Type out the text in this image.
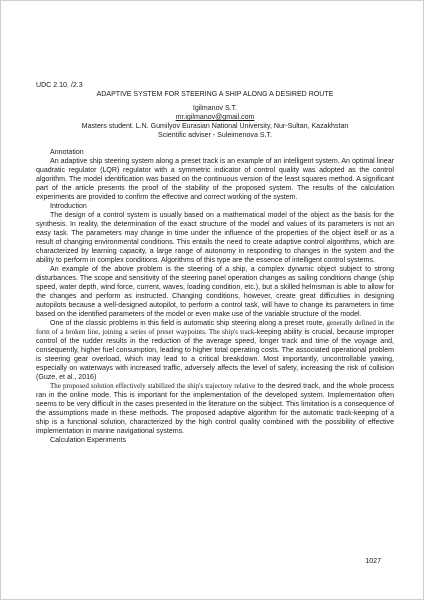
UDC 2.10. /2.3
ADAPTIVE SYSTEM FOR STEERING A SHIP ALONG A DESIRED ROUTE
Igilmanov S.T.
mr.igilmanov@gmail.com
Masters student. L.N. Gumilyov Eurasian National University, Nur-Sultan, Kazakhstan
Scientific adviser - Suleimenova S.T.
Annotation

An adaptive ship steering system along a preset track is an example of an intelligent system. An optimal linear quadratic regulator (LQR) regulator with a symmetric indicator of control quality was adopted as the control algorithm. The model identification was based on the continuous version of the least squares method. A significant part of the article presents the proof of the stability of the proposed system. The results of the calculation experiments are provided to confirm the effective and correct working of the system.

Introduction

The design of a control system is usually based on a mathematical model of the object as the basis for the synthesis. In reality, the determination of the exact structure of the model and values of its parameters is not an easy task. The parameters may change in time under the influence of the properties of the object itself or as a result of changing environmental conditions. This entails the need to create adaptive control algorithms, which are characterized by learning capacity, a large range of autonomy in responding to changes in the system and the ability to perform in complex conditions. Algorithms of this type are the essence of intelligent control systems.

An example of the above problem is the steering of a ship, a complex dynamic object subject to strong disturbances. The scope and sensitivity of the steering panel operation changes as sailing conditions change (ship speed, water depth, wind force, current, waves, loading condition, etc.), but a skilled helmsman is able to allow for the changes and perform as instructed. Changing conditions, however, create great difficulties in designing autopilots because a well-designed autopilot, to perform a control task, will have to change its parameters in time based on the identified parameters of the model or even make use of the variable structure of the model.

One of the classic problems in this field is automatic ship steering along a preset route, generally defined in the form of a broken line, joining a series of preset waypoints. The ship's track-keeping ability is crucial, because improper control of the rudder results in the reduction of the average speed, longer track and time of the voyage and, consequently, higher fuel consumption, leading to higher total operating costs. The associated operational problem is steering gear overload, which may lead to a critical breakdown. Most importantly, uncontrollable yawing, especially on waterways with increased traffic, adversely affects the level of safety, increasing the risk of collision (Guze, et al., 2016)

The proposed solution effectively stabilized the ship's trajectory relative to the desired track, and the whole process ran in the online mode. This is important for the implementation of the developed system. Implementation often seems to be very difficult in the cases presented in the literature on the subject. This limitation is a consequence of the assumptions made in these methods. The proposed adaptive algorithm for the automatic track-keeping of a ship is a functional solution, characterized by the high control quality combined with the possibility of effective implementation in marine navigational systems.

Calculation Experiments
1027
